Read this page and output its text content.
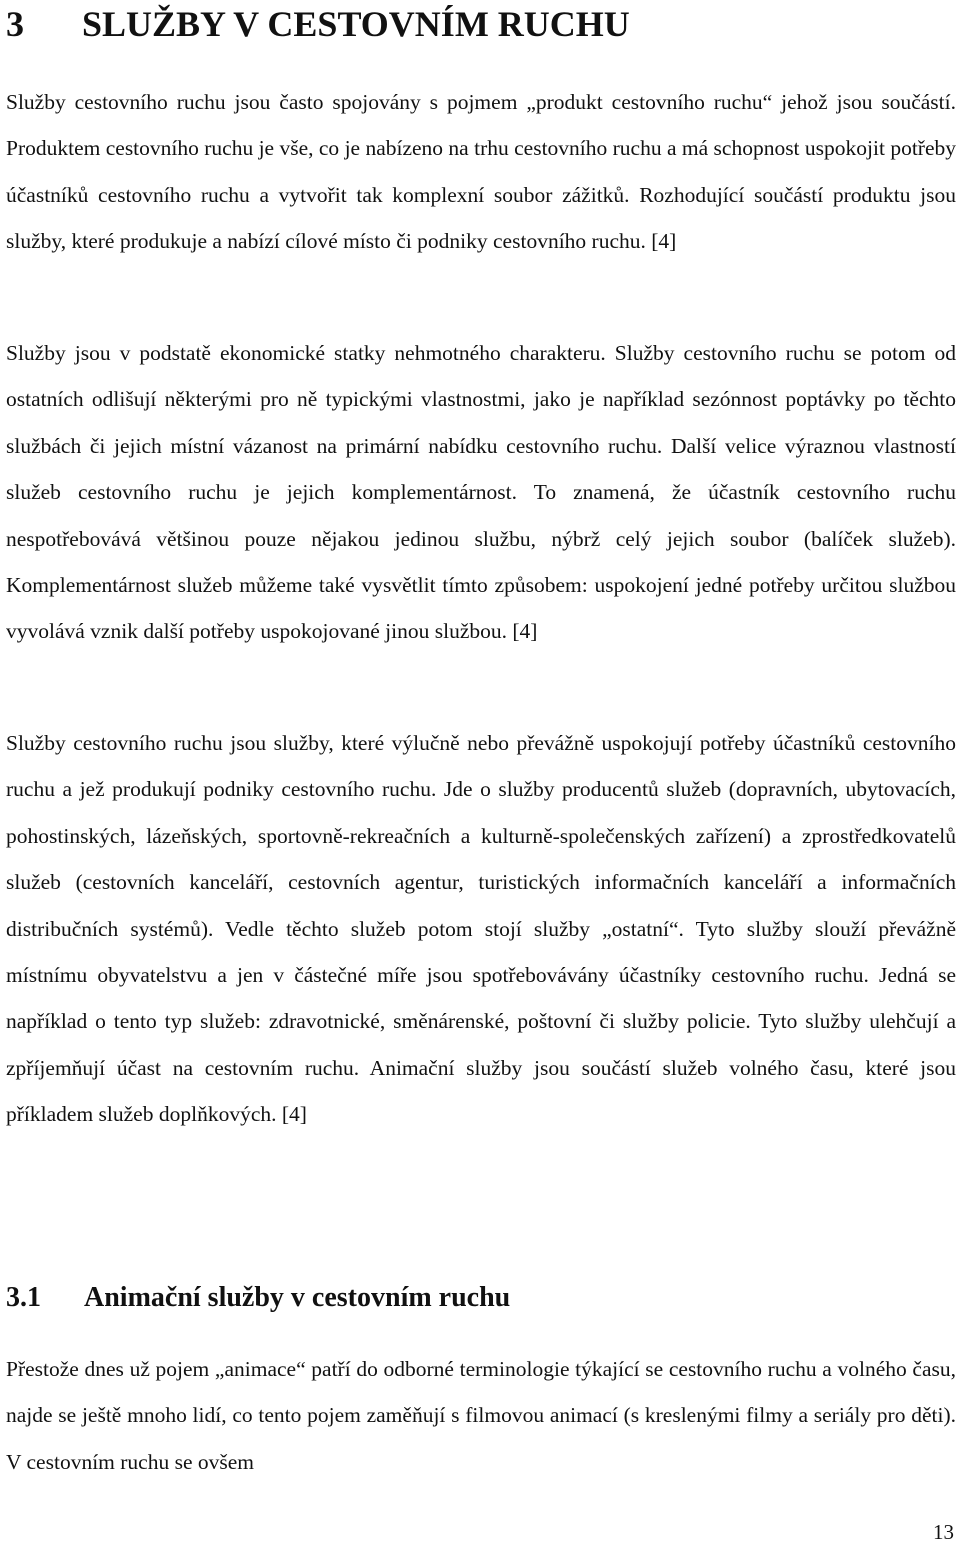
3 SLUŽBY V CESTOVNÍM RUCHU

Služby cestovního ruchu jsou často spojovány s pojmem „produkt cestovního ruchu“ jehož jsou součástí. Produktem cestovního ruchu je vše, co je nabízeno na trhu cestovního ruchu a má schopnost uspokojit potřeby účastníků cestovního ruchu a vytvořit tak komplexní soubor zážitků. Rozhodující součástí produktu jsou služby, které produkuje a nabízí cílové místo či podniky cestovního ruchu. [4]

Služby jsou v podstatě ekonomické statky nehmotného charakteru. Služby cestovního ruchu se potom od ostatních odlišují některými pro ně typickými vlastnostmi, jako je například sezónnost poptávky po těchto službách či jejich místní vázanost na primární nabídku cestovního ruchu. Další velice výraznou vlastností služeb cestovního ruchu je jejich komplementárnost. To znamená, že účastník cestovního ruchu nespotřebovává většinou pouze nějakou jedinou službu, nýbrž celý jejich soubor (balíček služeb). Komplementárnost služeb můžeme také vysvětlit tímto způsobem: uspokojení jedné potřeby určitou službou vyvolává vznik další potřeby uspokojované jinou službou. [4]

Služby cestovního ruchu jsou služby, které výlučně nebo převážně uspokojují potřeby účastníků cestovního ruchu a jež produkují podniky cestovního ruchu. Jde o služby producentů služeb (dopravních, ubytovacích, pohostinských, lázeňských, sportovně-rekreačních a kulturně-společenských zařízení) a zprostředkovatelů služeb (cestovních kanceláří, cestovních agentur, turistických informačních kanceláří a informačních distribučních systémů). Vedle těchto služeb potom stojí služby „ostatní“. Tyto služby slouží převážně místnímu obyvatelstvu a jen v částečné míře jsou spotřebovávány účastníky cestovního ruchu. Jedná se například o tento typ služeb: zdravotnické, směnárenské, poštovní či služby policie. Tyto služby ulehčují a zpříjemňují účast na cestovním ruchu. Animační služby jsou součástí služeb volného času, které jsou příkladem služeb doplňkových. [4]

3.1 Animační služby v cestovním ruchu

Přestože dnes už pojem „animace“ patří do odborné terminologie týkající se cestovního ruchu a volného času, najde se ještě mnoho lidí, co tento pojem zaměňují s filmovou animací (s kreslenými filmy a seriály pro děti). V cestovním ruchu se ovšem

13
